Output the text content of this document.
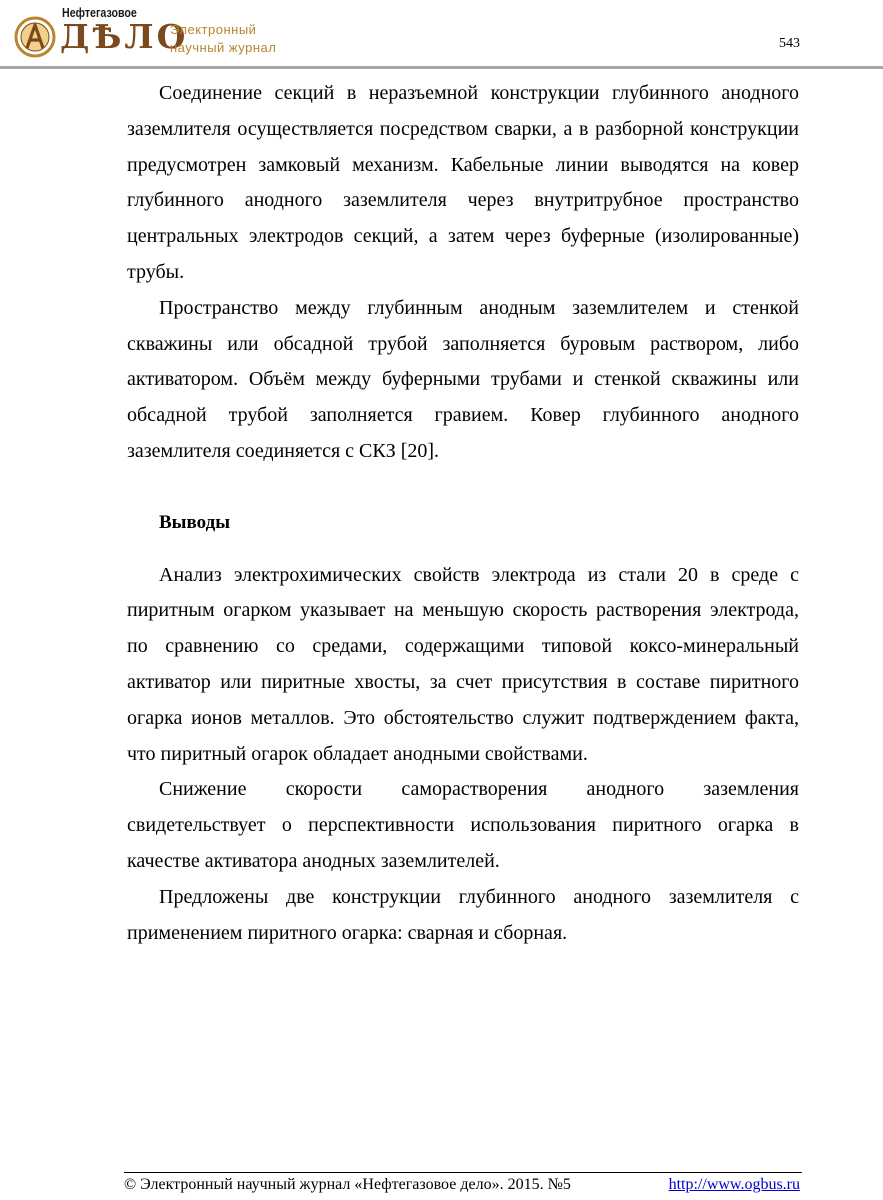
Нефтегазовое
ДѢЛО
Электронный
научный журнал	543

Соединение секций в неразъемной конструкции глубинного анодного заземлителя осуществляется посредством сварки, а в разборной конструкции предусмотрен замковый механизм. Кабельные линии выводятся на ковер глубинного анодного заземлителя через внутритрубное пространство центральных электродов секций, а затем через буферные (изолированные) трубы.

Пространство между глубинным анодным заземлителем и стенкой скважины или обсадной трубой заполняется буровым раствором, либо активатором. Объём между буферными трубами и стенкой скважины или обсадной трубой заполняется гравием. Ковер глубинного анодного заземлителя соединяется с СКЗ [20].

Выводы

Анализ электрохимических свойств электрода из стали 20 в среде с пиритным огарком указывает на меньшую скорость растворения электрода, по сравнению со средами, содержащими типовой коксо-минеральный активатор или пиритные хвосты, за счет присутствия в составе пиритного огарка ионов металлов. Это обстоятельство служит подтверждением факта, что пиритный огарок обладает анодными свойствами.

Снижение скорости саморастворения анодного заземления свидетельствует о перспективности использования пиритного огарка в качестве активатора анодных заземлителей.

Предложены две конструкции глубинного анодного заземлителя с применением пиритного огарка: сварная и сборная.

© Электронный научный журнал «Нефтегазовое дело». 2015. №5	http://www.ogbus.ru
